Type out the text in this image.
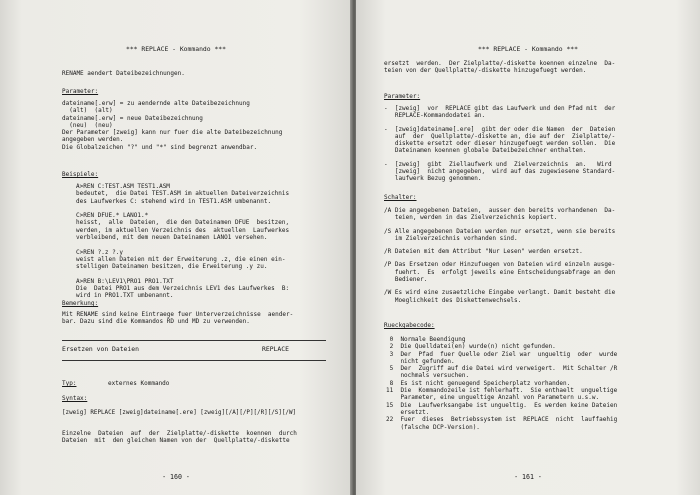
*** REPLACE - Kommando ***
RENAME aendert Dateibezeichnungen.
Parameter:
dateiname[.erw] = zu aendernde alte Dateibezeichnung
(alt)  (alt)
dateiname[.erw] = neue Dateibezeichnung
(neu)  (neu)
Der Parameter [zweig] kann nur fuer die alte Dateibezeichnung
angegeben werden.
Die Globalzeichen "?" und "*" sind begrenzt anwendbar.
Beispiele:
A>REN C:TEST.ASM TEST1.ASM
bedeutet,  die Datei TEST.ASM im aktuellen Dateiverzeichnis
des Laufwerkes C: stehend wird in TEST1.ASM umbenannt.

C>REN DFUE.* LANO1.*
heisst,  alle  Dateien,  die den Dateinamen DFUE  besitzen,
werden, im aktuellen Verzeichnis des  aktuellen  Laufwerkes
verbleibend, mit dem neuen Dateinamen LANO1 versehen.

C>REN ?.z ?.y
weist allen Dateien mit der Erweiterung .z, die einen ein-
stelligen Dateinamen besitzen, die Erweiterung .y zu.

A>REN B:\LEV1\PRO1 PRO1.TXT
Die  Datei PRO1 aus dem Verzeichnis LEV1 des Laufwerkes  B:
wird in PRO1.TXT umbenannt.
Bemerkung:
Mit RENAME sind keine Eintraege fuer Unterverzeichnisse  aender-
bar. Dazu sind die Kommandos RD und MD zu verwenden.
Ersetzen von Dateien	REPLACE
Typ:	externes Kommando
Syntax:
[zweig] REPLACE [zweig]dateiname[.ere] [zweig][/A][/P][/R][/S][/W]
Einzelne  Dateien  auf  der  Zielplatte/-diskette  koennen  durch
Dateien  mit  den gleichen Namen von der  Quellplatte/-diskette
- 160 -
*** REPLACE - Kommando ***
ersetzt  werden.  Der Zielplatte/-diskette koennen einzelne  Da-
teien von der Quellplatte/-diskette hinzugefuegt werden.
Parameter:
-  [zweig]  vor  REPLACE gibt das Laufwerk und den Pfad mit  der
REPLACE-Kommandodatei an.
-  [zweig]dateiname[.ere]  gibt der oder die Namen  der  Dateien
auf  der  Quellplatte/-diskette an, die auf der  Zielplatte/-
diskette ersetzt oder dieser hinzugefuegt werden sollen.  Die
Dateinamen koennen globale Dateibezeichner enthalten.
-  [zweig]  gibt  Ziellaufwerk und  Zielverzeichnis  an.   Wird
[zweig]  nicht angegeben,  wird auf das zugewiesene Standard-
laufwerk Bezug genommen.
Schalter:
/A Die angegebenen Dateien,  ausser den bereits vorhandenen  Da-
teien, werden in das Zielverzeichnis kopiert.
/S Alle angegebenen Dateien werden nur ersetzt, wenn sie bereits
im Zielverzeichnis vorhanden sind.
/R Dateien mit dem Attribut "Nur Lesen" werden ersetzt.
/P Das Ersetzen oder Hinzufuegen von Dateien wird einzeln ausge-
fuehrt.  Es  erfolgt jeweils eine Entscheidungsabfrage an den
Bediener.
/W Es wird eine zusaetzliche Eingabe verlangt. Damit besteht die
Moeglichkeit des Diskettenwechsels.
Rueckgabecode:
0  Normale Beendigung
2  Die Quelldatei(en) wurde(n) nicht gefunden.
3  Der  Pfad  fuer Quelle oder Ziel war  ungueltig  oder  wurde
nicht gefunden.
5  Der  Zugriff auf die Datei wird verweigert.  Mit Schalter /R
nochmals versuchen.
8  Es ist nicht genuegend Speicherplatz vorhanden.
11  Die  Kommandozeile ist fehlerhaft.  Sie enthaelt  ungueltige
Parameter, eine ungueltige Anzahl von Parametern u.s.w.
15  Die  Laufwerksangabe ist ungueltig.  Es werden keine Dateien
ersetzt.
22  Fuer  dieses  Betriebssystem ist  REPLACE  nicht  lauffaehig
(falsche DCP-Version).
- 161 -
